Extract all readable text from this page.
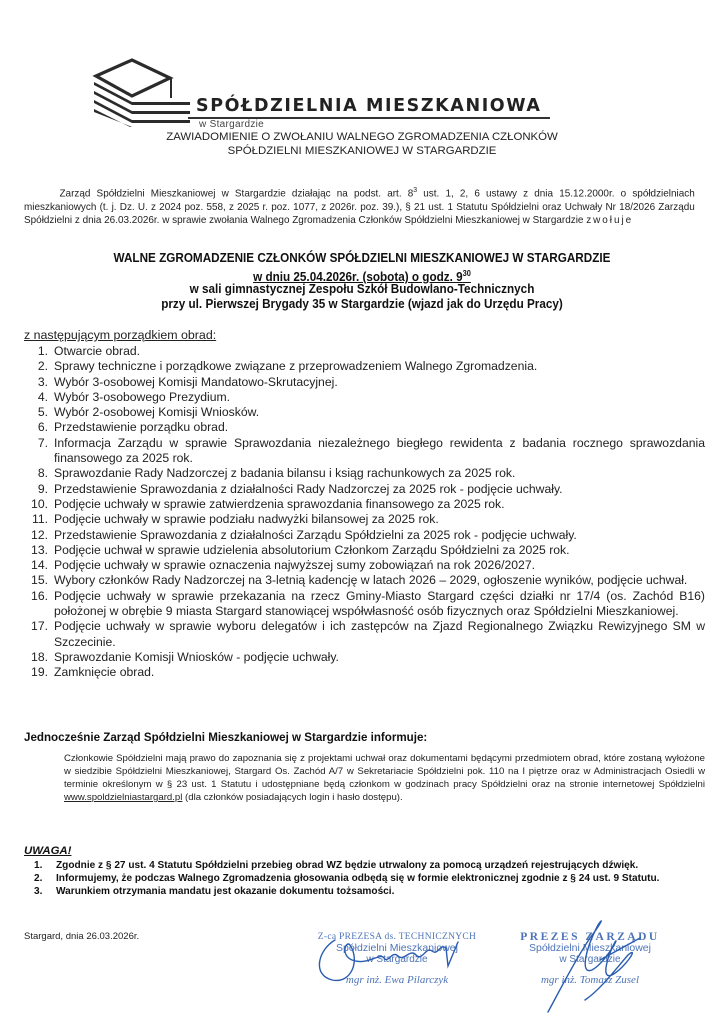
SPÓŁDZIELNIA MIESZKANIOWA
w Stargardzie
ZAWIADOMIENIE O ZWOŁANIU WALNEGO ZGROMADZENIA CZŁONKÓW
SPÓŁDZIELNI MIESZKANIOWEJ W STARGARDZIE
Zarząd Spółdzielni Mieszkaniowej w Stargardzie działając na podst. art. $8^3$ ust. 1, 2, 6 ustawy z dnia 15.12.2000r. o spółdzielniach mieszkaniowych (t. j. Dz. U. z 2024 poz. 558, z 2025 r. poz. 1077, z 2026r. poz. 39.), § 21 ust. 1 Statutu Spółdzielni oraz Uchwały Nr 18/2026 Zarządu Spółdzielni z dnia 26.03.2026r. w sprawie zwołania Walnego Zgromadzenia Członków Spółdzielni Mieszkaniowej w Stargardzie zwołuje
WALNE ZGROMADZENIE CZŁONKÓW SPÓŁDZIELNI MIESZKANIOWEJ W STARGARDZIE
w dniu 25.04.2026r. (sobota) o godz. $9^{30}$
w sali gimnastycznej Zespołu Szkół Budowlano-Technicznych
przy ul. Pierwszej Brygady 35 w Stargardzie (wjazd jak do Urzędu Pracy)
z następującym porządkiem obrad:
1. Otwarcie obrad.
2. Sprawy techniczne i porządkowe związane z przeprowadzeniem Walnego Zgromadzenia.
3. Wybór 3-osobowej Komisji Mandatowo-Skrutacyjnej.
4. Wybór 3-osobowego Prezydium.
5. Wybór 2-osobowej Komisji Wniosków.
6. Przedstawienie porządku obrad.
7. Informacja Zarządu w sprawie Sprawozdania niezależnego biegłego rewidenta z badania rocznego sprawozdania finansowego za 2025 rok.
8. Sprawozdanie Rady Nadzorczej z badania bilansu i ksiąg rachunkowych za 2025 rok.
9. Przedstawienie Sprawozdania z działalności Rady Nadzorczej za 2025 rok - podjęcie uchwały.
10. Podjęcie uchwały w sprawie zatwierdzenia sprawozdania finansowego za 2025 rok.
11. Podjęcie uchwały w sprawie podziału nadwyżki bilansowej za 2025 rok.
12. Przedstawienie Sprawozdania z działalności Zarządu Spółdzielni za 2025 rok - podjęcie uchwały.
13. Podjęcie uchwał w sprawie udzielenia absolutorium Członkom Zarządu Spółdzielni za 2025 rok.
14. Podjęcie uchwały w sprawie oznaczenia najwyższej sumy zobowiązań na rok 2026/2027.
15. Wybory członków Rady Nadzorczej na 3-letnią kadencję w latach 2026 – 2029, ogłoszenie wyników, podjęcie uchwał.
16. Podjęcie uchwały w sprawie przekazania na rzecz Gminy-Miasto Stargard części działki nr 17/4 (os. Zachód B16) położonej w obrębie 9 miasta Stargard stanowiącej współwłasność osób fizycznych oraz Spółdzielni Mieszkaniowej.
17. Podjęcie uchwały w sprawie wyboru delegatów i ich zastępców na Zjazd Regionalnego Związku Rewizyjnego SM w Szczecinie.
18. Sprawozdanie Komisji Wniosków - podjęcie uchwały.
19. Zamknięcie obrad.
Jednocześnie Zarząd Spółdzielni Mieszkaniowej w Stargardzie informuje:
Członkowie Spółdzielni mają prawo do zapoznania się z projektami uchwał oraz dokumentami będącymi przedmiotem obrad, które zostaną wyłożone w siedzibie Spółdzielni Mieszkaniowej, Stargard Os. Zachód A/7 w Sekretariacie Spółdzielni pok. 110 na I piętrze oraz w Administracjach Osiedli w terminie określonym w § 23 ust. 1 Statutu i udostępniane będą członkom w godzinach pracy Spółdzielni oraz na stronie internetowej Spółdzielni www.spoldzielniastargard.pl (dla członków posiadających login i hasło dostępu).
UWAGA!
1.	Zgodnie z § 27 ust. 4 Statutu Spółdzielni przebieg obrad WZ będzie utrwalony za pomocą urządzeń rejestrujących dźwięk.
2.	Informujemy, że podczas Walnego Zgromadzenia głosowania odbędą się w formie elektronicznej zgodnie z § 24 ust. 9 Statutu.
3.	Warunkiem otrzymania mandatu jest okazanie dokumentu tożsamości.
Stargard, dnia 26.03.2026r.	Z-ca PREZESA ds. TECHNICZNYCH
Spółdzielni Mieszkaniowej
w Stargardzie
mgr inż. Ewa Pilarczyk
PREZES ZARZĄDU
Spółdzielni Mieszkaniowej
w Stargardzie
mgr inż. Tomasz Zusel
